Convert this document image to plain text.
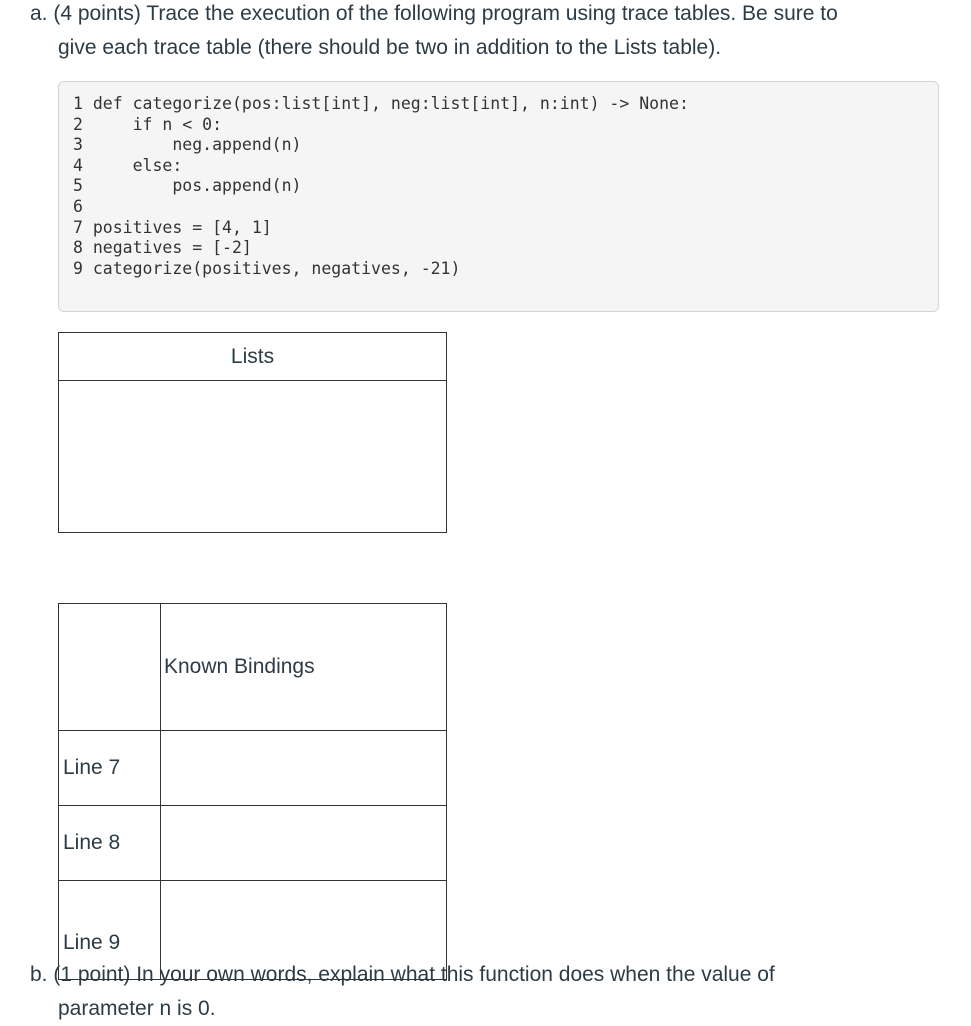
a. (4 points) Trace the execution of the following program using trace tables. Be sure to
give each trace table (there should be two in addition to the Lists table).

1 def categorize(pos:list[int], neg:list[int], n:int) -> None:
2     if n < 0:
3         neg.append(n)
4     else:
5         pos.append(n)
6
7 positives = [4, 1]
8 negatives = [-2]
9 categorize(positives, negatives, -21)
Lists

	Known Bindings
Line 7	
Line 8	
Line 9	

b. (1 point) In your own words, explain what this function does when the value of
parameter n is 0.
